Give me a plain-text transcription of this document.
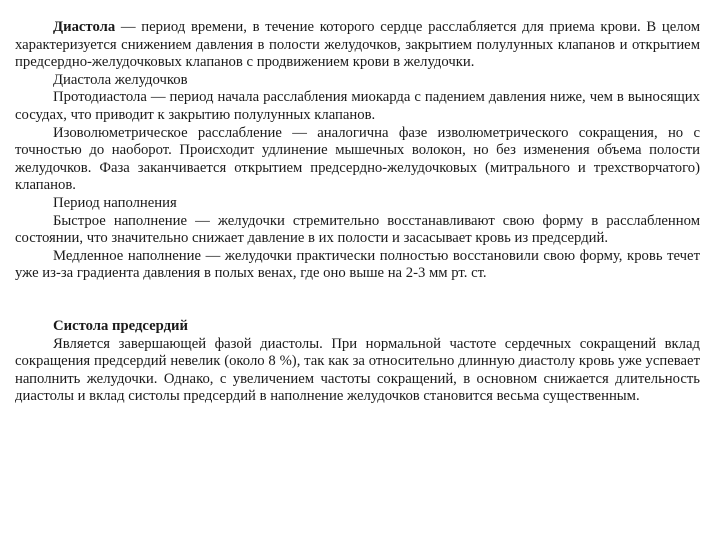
Диастола — период времени, в течение которого сердце расслабляется для приема крови. В целом характеризуется снижением давления в полости желудочков, закрытием полулунных клапанов и открытием предсердно-желудочковых клапанов с продвижением крови в желудочки.

Диастола желудочков

Протодиастола — период начала расслабления миокарда с падением давления ниже, чем в выносящих сосудах, что приводит к закрытию полулунных клапанов.

Изоволюметрическое расслабление — аналогична фазе изволюметрического сокращения, но с точностью до наоборот. Происходит удлинение мышечных волокон, но без изменения объема полости желудочков. Фаза заканчивается открытием предсердно-желудочковых (митрального и трехстворчатого) клапанов.

Период наполнения

Быстрое наполнение — желудочки стремительно восстанавливают свою форму в расслабленном состоянии, что значительно снижает давление в их полости и засасывает кровь из предсердий.

Медленное наполнение — желудочки практически полностью восстановили свою форму, кровь течет уже из-за градиента давления в полых венах, где оно выше на 2-3 мм рт. ст.

Систола предсердий

Является завершающей фазой диастолы. При нормальной частоте сердечных сокращений вклад сокращения предсердий невелик (около 8 %), так как за относительно длинную диастолу кровь уже успевает наполнить желудочки. Однако, с увеличением частоты сокращений, в основном снижается длительность диастолы и вклад систолы предсердий в наполнение желудочков становится весьма существенным.
